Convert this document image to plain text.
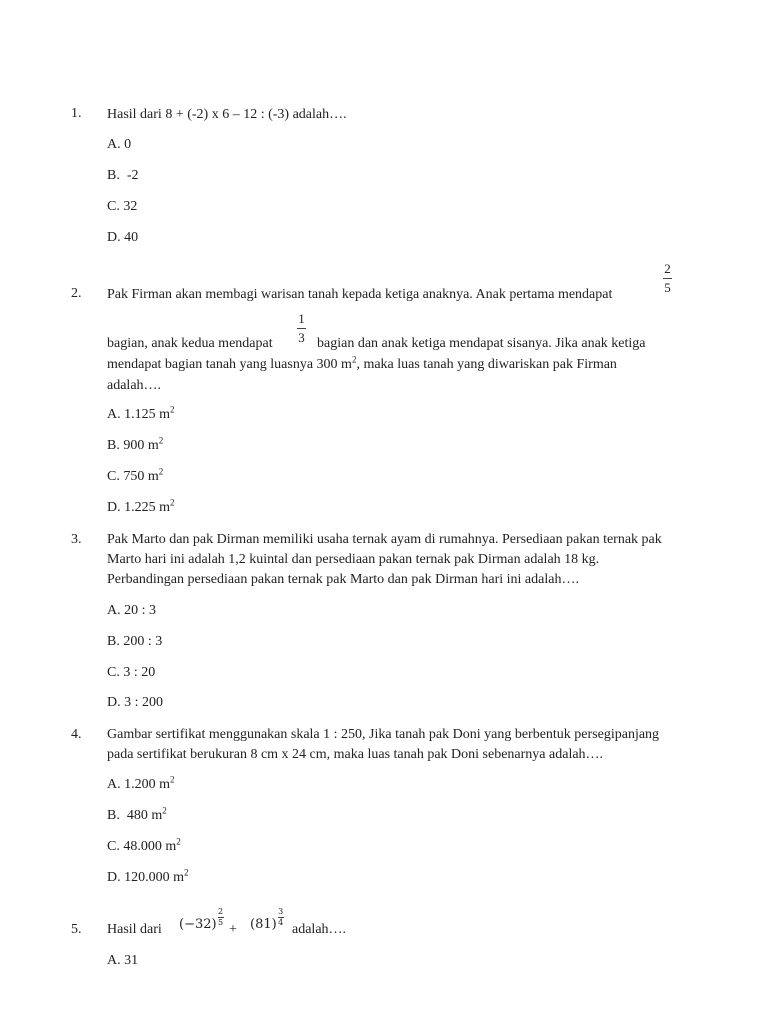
1. Hasil dari 8 + (-2) x 6 – 12 : (-3) adalah….
A. 0
B.  -2
C. 32
D. 40
2. Pak Firman akan membagi warisan tanah kepada ketiga anaknya. Anak pertama mendapat
2
5
bagian, anak kedua mendapat
1
3 bagian dan anak ketiga mendapat sisanya. Jika anak ketiga
mendapat bagian tanah yang luasnya 300 $m^2$, maka luas tanah yang diwariskan pak Firman
adalah….
A. 1.125 $m^2$
B. 900 $m^2$
C. 750 $m^2$
D. 1.225 $m^2$
3. Pak Marto dan pak Dirman memiliki usaha ternak ayam di rumahnya. Persediaan pakan ternak pak
Marto hari ini adalah 1,2 kuintal dan persediaan pakan ternak pak Dirman adalah 18 kg.
Perbandingan persediaan pakan ternak pak Marto dan pak Dirman hari ini adalah….
A. 20 : 3
B. 200 : 3
C. 3 : 20
D. 3 : 200
4. Gambar sertifikat menggunakan skala 1 : 250, Jika tanah pak Doni yang berbentuk persegipanjang
pada sertifikat berukuran 8 cm x 24 cm, maka luas tanah pak Doni sebenarnya adalah….
A. 1.200 $m^2$
B.  480 $m^2$
C. 48.000 $m^2$
D. 120.000 $m^2$
5. Hasil dari $(-32) \frac{2}{5}$
+ $(81) \frac{3}{4}$
adalah….
A. 31
